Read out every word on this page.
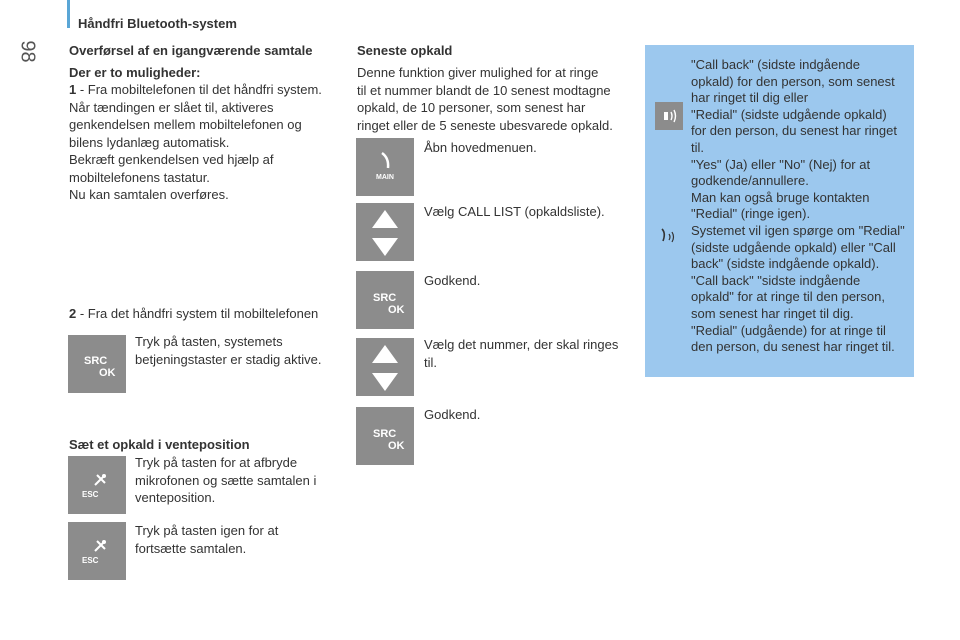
Håndfri Bluetooth-system
98 Overførsel af en igangværende samtale
Der er to muligheder:
1 - Fra mobiltelefonen til det håndfri system.
Når tændingen er slået til, aktiveres
genkendelsen mellem mobiltelefonen og
bilens lydanlæg automatisk.
Bekræft genkendelsen ved hjælp af
mobiltelefonens tastatur.
Nu kan samtalen overføres.
2 - Fra det håndfri system til mobiltelefonen
SRC
OK
Tryk på tasten, systemets
betjeningstaster er stadig aktive.
Sæt et opkald i venteposition
ESC
Tryk på tasten for at afbryde
mikrofonen og sætte samtalen i
venteposition.
ESC
Tryk på tasten igen for at
fortsætte samtalen.
Seneste opkald
Denne funktion giver mulighed for at ringe
til et nummer blandt de 10 senest modtagne
opkald, de 10 personer, som senest har
ringet eller de 5 seneste ubesvarede opkald.
MAIN
Åbn hovedmenuen.
Vælg CALL LIST (opkaldsliste).
SRC
OK
Godkend.
Vælg det nummer, der skal ringes
til.
SRC
OK
Godkend.
"Call back" (sidste indgående
opkald) for den person, som senest
har ringet til dig eller
"Redial" (sidste udgående opkald)
for den person, du senest har ringet
til.
"Yes" (Ja) eller "No" (Nej) for at
godkende/annullere.
Man kan også bruge kontakten
"Redial" (ringe igen).
Systemet vil igen spørge om "Redial"
(sidste udgående opkald) eller "Call
back" (sidste indgående opkald).
"Call back" "sidste indgående
opkald" for at ringe til den person,
som senest har ringet til dig.
"Redial" (udgående) for at ringe til
den person, du senest har ringet til.
